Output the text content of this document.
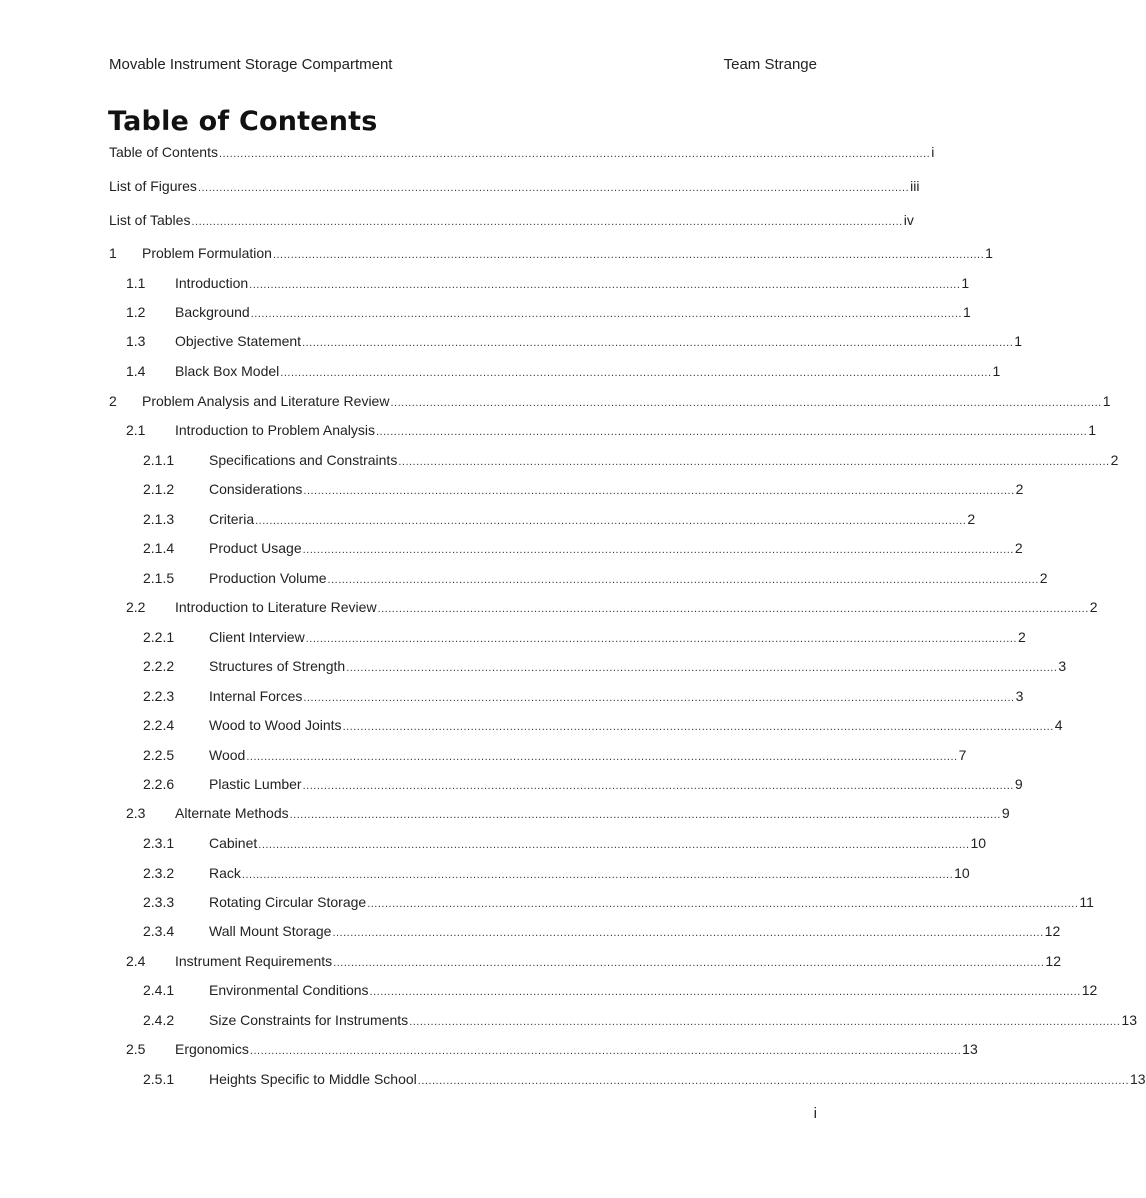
Movable Instrument Storage Compartment	Team Strange
Table of Contents
Table of Contents ........................................................................................................................................................................................................ i
List of Figures ........................................................................................................................................................................................................ iii
List of Tables ........................................................................................................................................................................................................ iv
1	Problem Formulation ........................................................................................................................................................................................................ 1
1.1	Introduction ........................................................................................................................................................................................................ 1
1.2	Background ........................................................................................................................................................................................................ 1
1.3	Objective Statement ........................................................................................................................................................................................................ 1
1.4	Black Box Model ........................................................................................................................................................................................................ 1
2	Problem Analysis and Literature Review ........................................................................................................................................................................................................ 1
2.1	Introduction to Problem Analysis ........................................................................................................................................................................................................ 1
2.1.1	Specifications and Constraints ........................................................................................................................................................................................................ 2
2.1.2	Considerations ........................................................................................................................................................................................................ 2
2.1.3	Criteria ........................................................................................................................................................................................................ 2
2.1.4	Product Usage ........................................................................................................................................................................................................ 2
2.1.5	Production Volume ........................................................................................................................................................................................................ 2
2.2	Introduction to Literature Review ........................................................................................................................................................................................................ 2
2.2.1	Client Interview ........................................................................................................................................................................................................ 2
2.2.2	Structures of Strength ........................................................................................................................................................................................................ 3
2.2.3	Internal Forces ........................................................................................................................................................................................................ 3
2.2.4	Wood to Wood Joints ........................................................................................................................................................................................................ 4
2.2.5	Wood ........................................................................................................................................................................................................ 7
2.2.6	Plastic Lumber ........................................................................................................................................................................................................ 9
2.3	Alternate Methods ........................................................................................................................................................................................................ 9
2.3.1	Cabinet ........................................................................................................................................................................................................ 10
2.3.2	Rack ........................................................................................................................................................................................................ 10
2.3.3	Rotating Circular Storage ........................................................................................................................................................................................................ 11
2.3.4	Wall Mount Storage ........................................................................................................................................................................................................ 12
2.4	Instrument Requirements ........................................................................................................................................................................................................ 12
2.4.1	Environmental Conditions ........................................................................................................................................................................................................ 12
2.4.2	Size Constraints for Instruments ........................................................................................................................................................................................................ 13
2.5	Ergonomics ........................................................................................................................................................................................................ 13
2.5.1	Heights Specific to Middle School ........................................................................................................................................................................................................ 13
i
